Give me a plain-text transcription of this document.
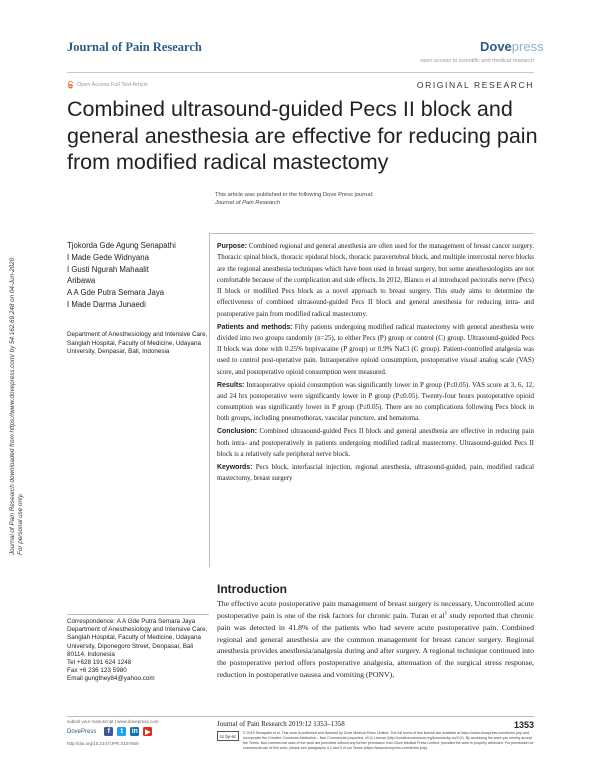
Journal of Pain Research	Dovepress
open access to scientific and medical research
Open Access Full Text Article	ORIGINAL RESEARCH
Combined ultrasound-guided Pecs II block and general anesthesia are effective for reducing pain from modified radical mastectomy
This article was published in the following Dove Press journal:
Journal of Pain Research
Journal of Pain Research downloaded from https://www.dovepress.com/ by 54.162.69.248 on 04-Jun-2020
For personal use only.
Tjokorda Gde Agung Senapathi
I Made Gede Widnyana
I Gusti Ngurah Mahaalit
Aribawa
A A Gde Putra Semara Jaya
I Made Darma Junaedi
Department of Anesthesiology and Intensive Care, Sanglah Hospital, Faculty of Medicine, Udayana University, Denpasar, Bali, Indonesia

Purpose: Combined regional and general anesthesia are often used for the management of breast cancer surgery. Thoracic spinal block, thoracic epidural block, thoracic paravertebral block, and multiple intercostal nerve blocks are the regional anesthesia techniques which have been used in breast surgery, but some anesthesiologists are not comfortable because of the complication and side effects. In 2012, Blanco et al introduced pectoralis nerve (Pecs) II block or modified Pecs block as a novel approach to breast surgery. This study aims to determine the effectiveness of combined ultrasound-guided Pecs II block and general anesthesia for reducing intra- and postoperative pain from modified radical mastectomy.

Patients and methods: Fifty patients undergoing modified radical mastectomy with general anesthesia were divided into two groups randomly (n=25), to either Pecs (P) group or control (C) group. Ultrasound-guided Pecs II block was done with 0.25% bupivacaine (P group) or 0.9% NaCl (C group). Patient-controlled analgesia was used to control post-operative pain. Intraoperative opioid consumption, postoperative visual analog scale (VAS) score, and postoperative opioid consumption were measured.

Results: Intraoperative opioid consumption was significantly lower in P group (P≤0.05). VAS score at 3, 6, 12, and 24 hrs postoperative were significantly lower in P group (P≤0.05). Twenty-four hours postoperative opioid consumption was significantly lower in P group (P≤0.05). There are no complications following Pecs block in both groups, including pneumothorax, vascular puncture, and hematoma.

Conclusion: Combined ultrasound-guided Pecs II block and general anesthesia are effective in reducing pain both intra- and postoperatively in patients undergoing modified radical mastectomy. Ultrasound-guided Pecs II block is a relatively safe peripheral nerve block.

Keywords: Pecs block, interfascial injection, regional anesthesia, ultrasound-guided, pain, modified radical mastectomy, breast surgery

Introduction

The effective acute postoperative pain management of breast surgery is necessary. Uncontrolled acute postoperative pain is one of the risk factors for chronic pain. Turan et $al^1$ study reported that chronic pain was detected in 41.8% of the patients who had severe acute postoperative pain. Combined regional and general anesthesia are the common management for breast cancer surgery. Regional anesthesia provides anesthesia/analgesia during and after surgery. A regional technique continued into the postoperative period offers postoperative analgesia, attenuation of the surgical stress response, reduction in postoperative nausea and vomiting (PONV),

Correspondence: A A Gde Putra Semara Jaya
Department of Anesthesiology and Intensive Care, Sanglah Hospital, Faculty of Medicine, Udayana University, Diponegoro Street, Denpasar, Bali 80114, Indonesia
Tel +628 191 624 1248
Fax +6 236 123 5980
Email gungthey84@yahoo.com
submit your manuscript | www.dovepress.com
DovePress	f	t	in ▶
http://doi.org/10.2147/JPR.S197669
Journal of Pain Research 2019:12 1353–1358	1353
cc by-nc
© 2019 Senapathi et al. This work is published and licensed by Dove Medical Press Limited. The full terms of this license are available at https://www.dovepress.com/terms.php and incorporate the Creative Commons Attribution – Non Commercial (unported, v3.0) License (http://creativecommons.org/licenses/by-nc/3.0/). By accessing the work you hereby accept the Terms. Non-commercial uses of the work are permitted without any further permission from Dove Medical Press Limited, provided the work is properly attributed. For permission for commercial use of this work, please see paragraphs 4.2 and 5 of our Terms (https://www.dovepress.com/terms.php).
